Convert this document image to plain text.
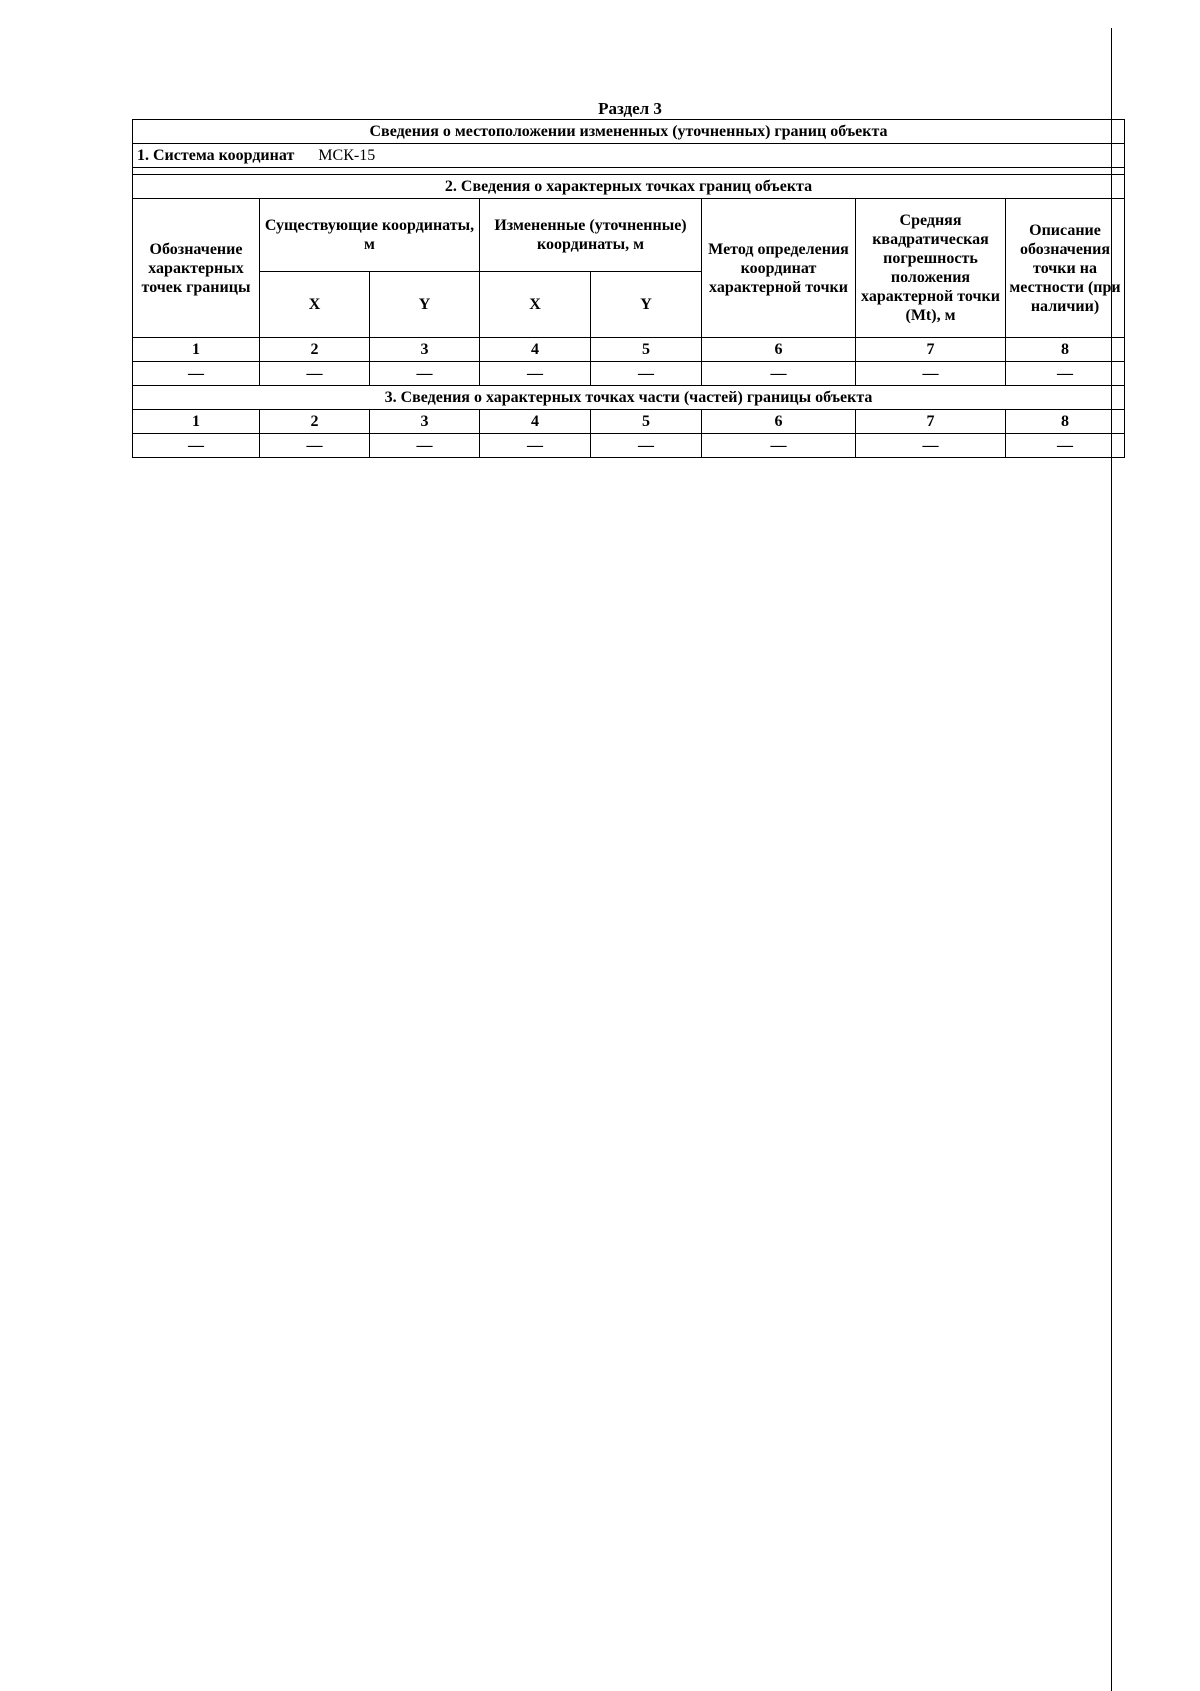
Раздел 3
Сведения о местоположении измененных (уточненных) границ объекта							
1. Система координат МСК-15							

2. Сведения о характерных точках границ объекта							
Обозначение характерных точек границы	Существующие координаты, м		Измененные (уточненные) координаты, м		Метод определения координат характерной точки	Средняя квадратическая погрешность положения характерной точки (Mt), м	Описание обозначения точки на местности (при наличии)
	X	Y	X	Y			
1	2	3	4	5	6	7	8
—	—	—	—	—	—	—	—
3. Сведения о характерных точках части (частей) границы объекта							
1	2	3	4	5	6	7	8
—	—	—	—	—	—	—	—
